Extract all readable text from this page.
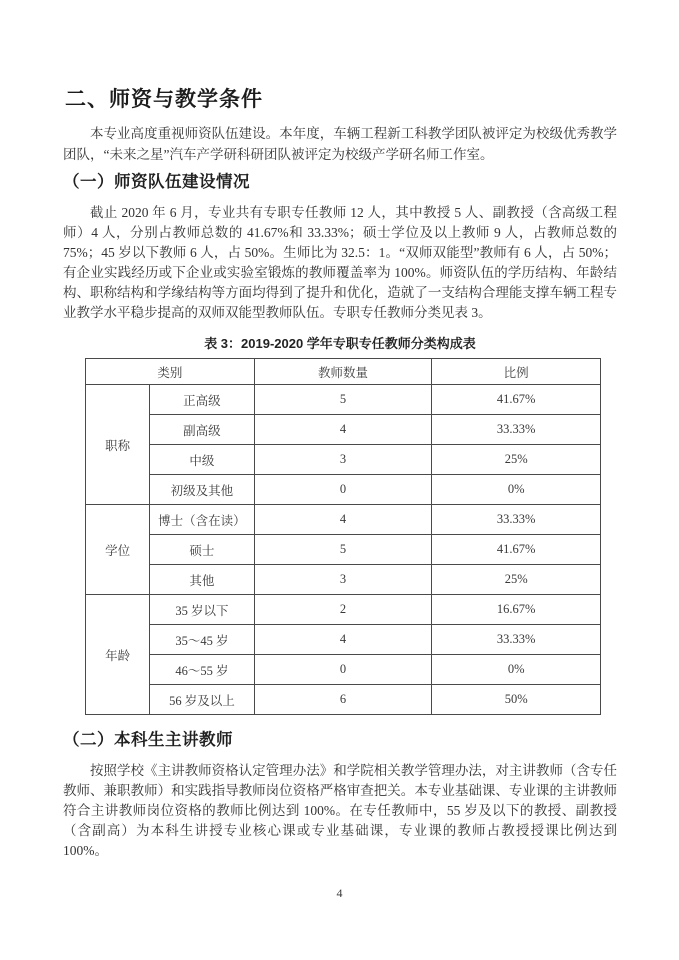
二、师资与教学条件

本专业高度重视师资队伍建设。本年度，车辆工程新工科教学团队被评定为校级优秀教学团队，“未来之星”汽车产学研科研团队被评定为校级产学研名师工作室。

（一）师资队伍建设情况

截止 2020 年 6 月，专业共有专职专任教师 12 人，其中教授 5 人、副教授（含高级工程师）4 人，分别占教师总数的 41.67%和 33.33%；硕士学位及以上教师 9 人，占教师总数的 75%；45 岁以下教师 6 人，占 50%。生师比为 32.5：1。“双师双能型”教师有 6 人，占 50%；有企业实践经历或下企业或实验室锻炼的教师覆盖率为 100%。师资队伍的学历结构、年龄结构、职称结构和学缘结构等方面均得到了提升和优化，造就了一支结构合理能支撑车辆工程专业教学水平稳步提高的双师双能型教师队伍。专职专任教师分类见表 3。

表 3：2019-2020 学年专职专任教师分类构成表
类别		教师数量	比例
职称	正高级	5	41.67%
	副高级	4	33.33%
	中级	3	25%
	初级及其他	0	0%
学位	博士（含在读）	4	33.33%
	硕士	5	41.67%
	其他	3	25%
年龄	35 岁以下	2	16.67%
	35～45 岁	4	33.33%
	46～55 岁	0	0%
	56 岁及以上	6	50%
（二）本科生主讲教师

按照学校《主讲教师资格认定管理办法》和学院相关教学管理办法，对主讲教师（含专任教师、兼职教师）和实践指导教师岗位资格严格审查把关。本专业基础课、专业课的主讲教师符合主讲教师岗位资格的教师比例达到 100%。在专任教师中，55 岁及以下的教授、副教授（含副高）为本科生讲授专业核心课或专业基础课，专业课的教师占教授授课比例达到 100%。

4
